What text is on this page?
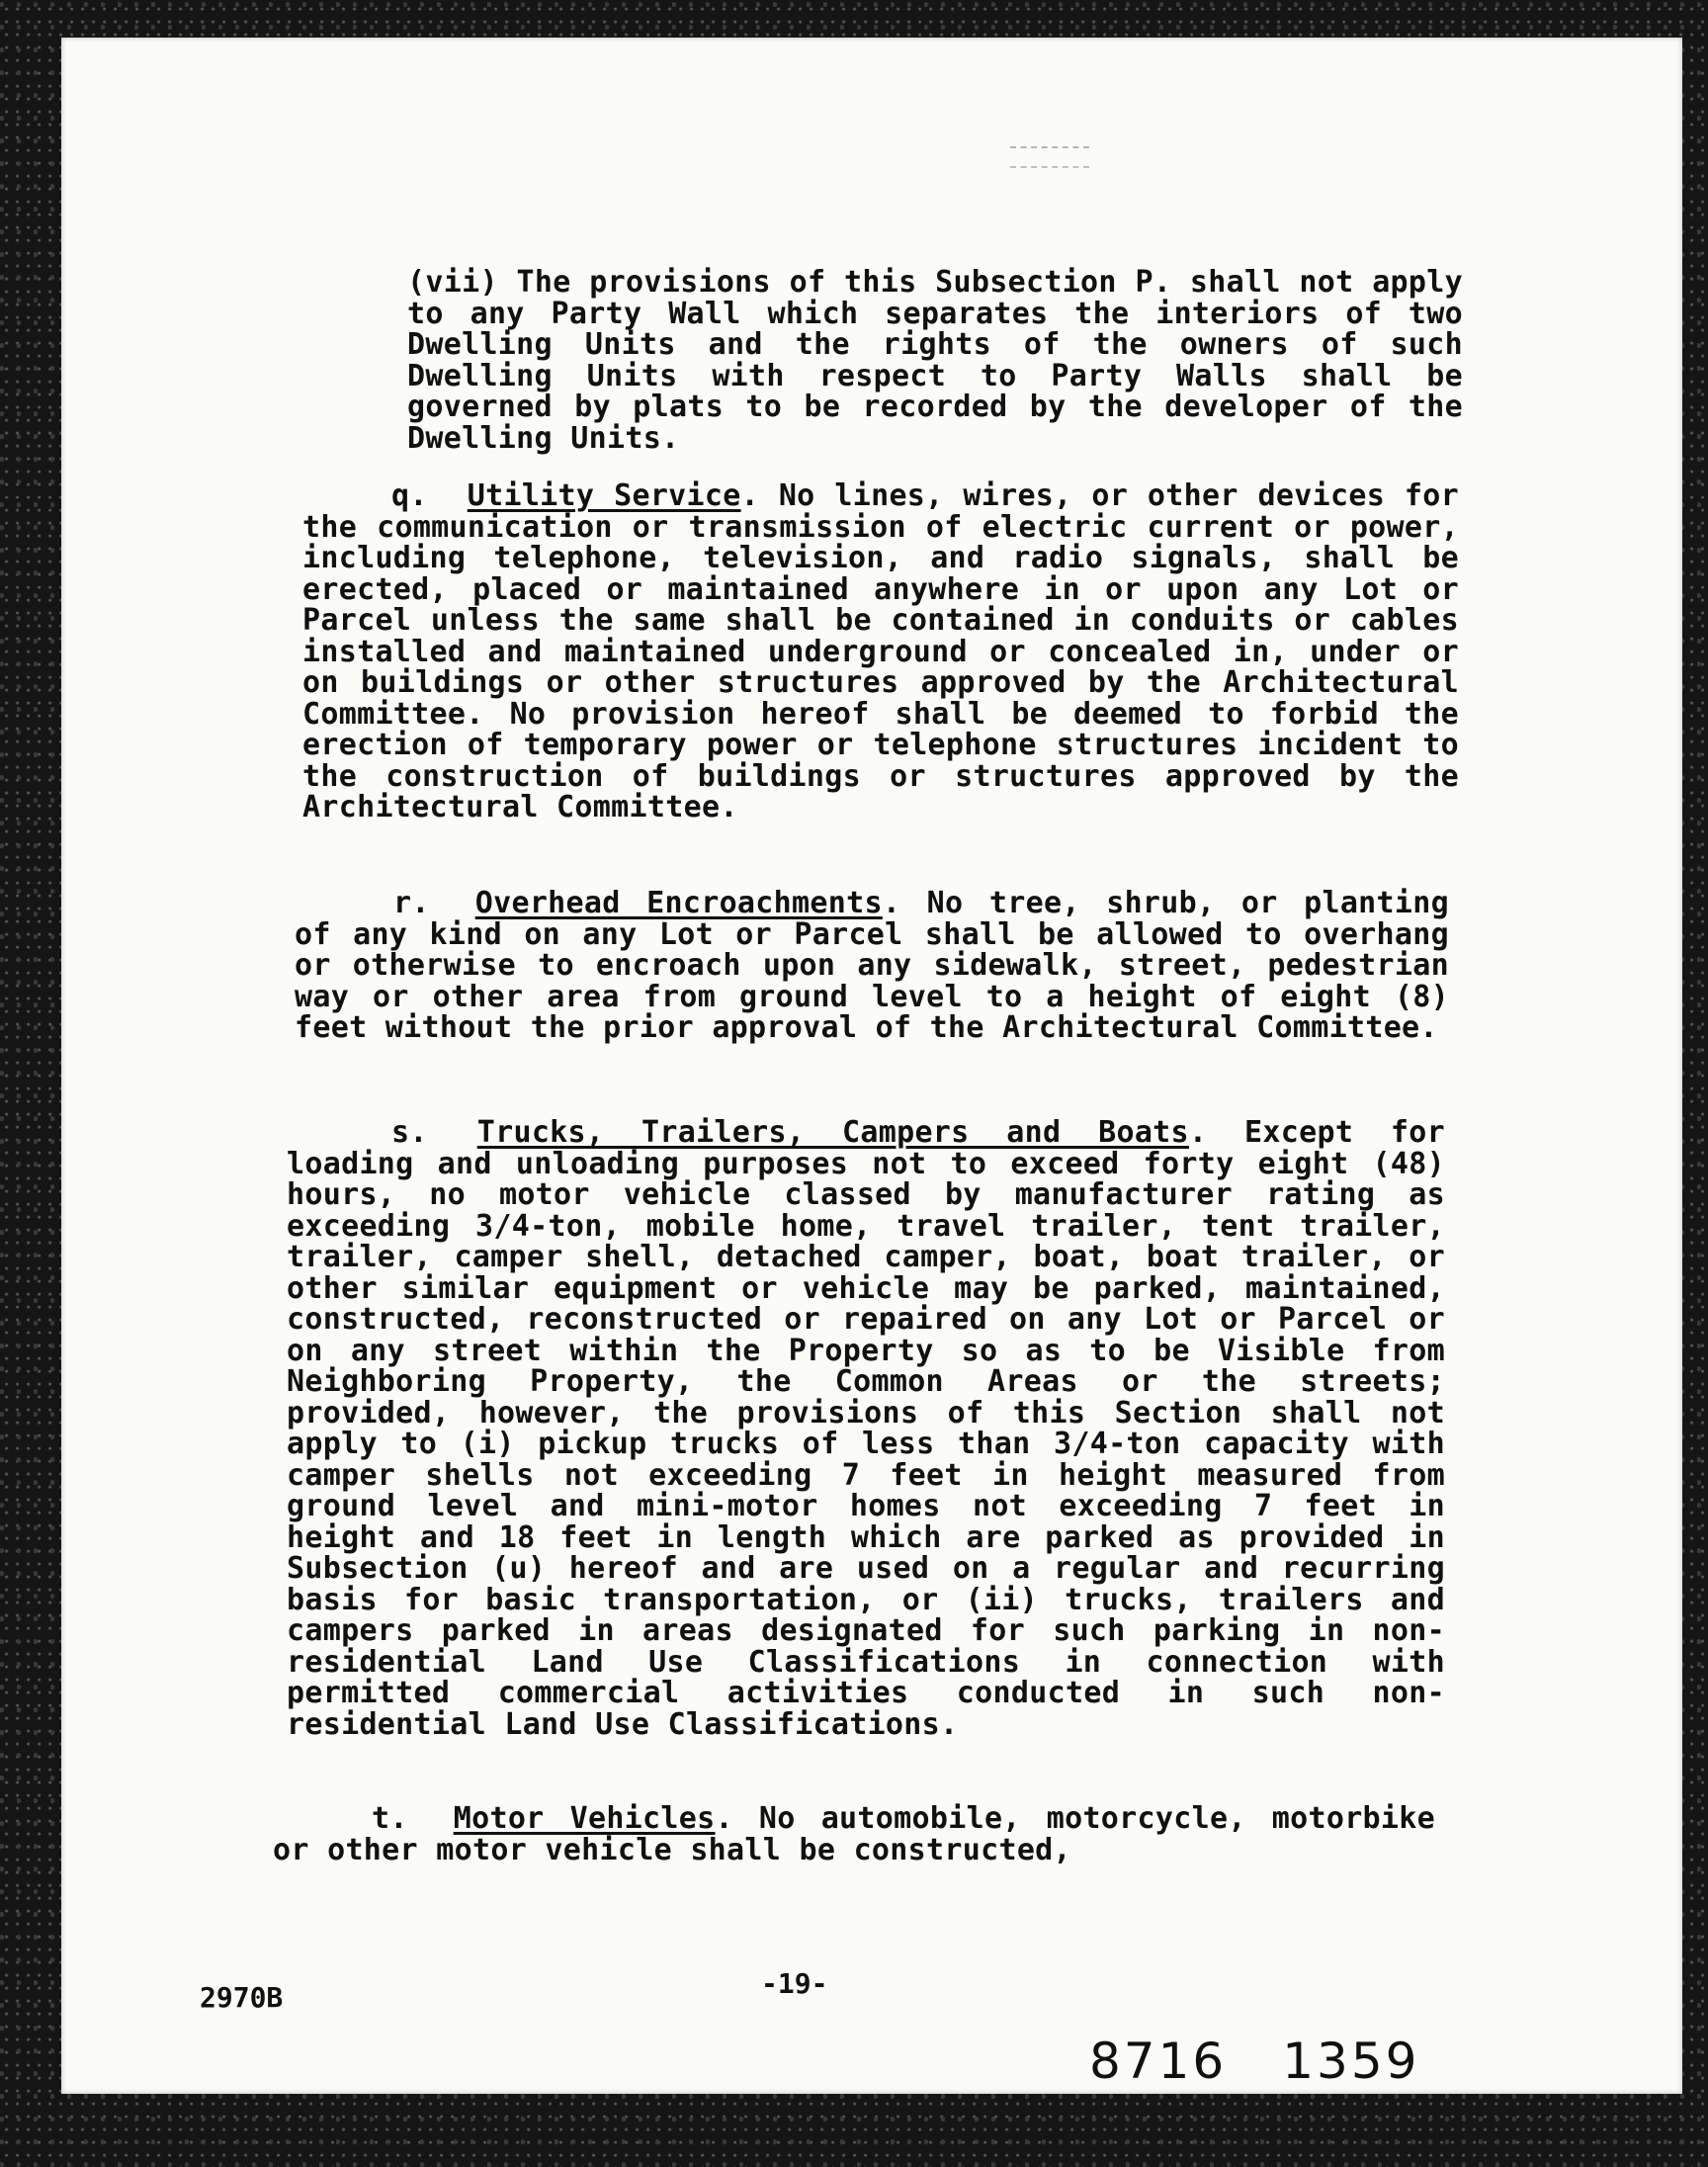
(vii) The provisions of this Subsection P. shall not apply to any Party Wall which separates the interiors of two Dwelling Units and the rights of the owners of such Dwelling Units with respect to Party Walls shall be governed by plats to be recorded by the developer of the Dwelling Units.

q. Utility Service. No lines, wires, or other devices for the communication or transmission of electric current or power, including telephone, television, and radio signals, shall be erected, placed or maintained anywhere in or upon any Lot or Parcel unless the same shall be contained in conduits or cables installed and maintained underground or concealed in, under or on buildings or other structures approved by the Architectural Committee. No provision hereof shall be deemed to forbid the erection of temporary power or telephone structures incident to the construction of buildings or structures approved by the Architectural Committee.

r. Overhead Encroachments. No tree, shrub, or planting of any kind on any Lot or Parcel shall be allowed to overhang or otherwise to encroach upon any sidewalk, street, pedestrian way or other area from ground level to a height of eight (8) feet without the prior approval of the Architectural Committee.

s. Trucks, Trailers, Campers and Boats. Except for loading and unloading purposes not to exceed forty eight (48) hours, no motor vehicle classed by manufacturer rating as exceeding 3/4-ton, mobile home, travel trailer, tent trailer, trailer, camper shell, detached camper, boat, boat trailer, or other similar equipment or vehicle may be parked, maintained, constructed, reconstructed or repaired on any Lot or Parcel or on any street within the Property so as to be Visible from Neighboring Property, the Common Areas or the streets; provided, however, the provisions of this Section shall not apply to (i) pickup trucks of less than 3/4-ton capacity with camper shells not exceeding 7 feet in height measured from ground level and mini-motor homes not exceeding 7 feet in height and 18 feet in length which are parked as provided in Subsection (u) hereof and are used on a regular and recurring basis for basic transportation, or (ii) trucks, trailers and campers parked in areas designated for such parking in non-residential Land Use Classifications in connection with permitted commercial activities conducted in such non-residential Land Use Classifications.

t. Motor Vehicles. No automobile, motorcycle, motorbike or other motor vehicle shall be constructed,

2970B	-19-
8716 1359
